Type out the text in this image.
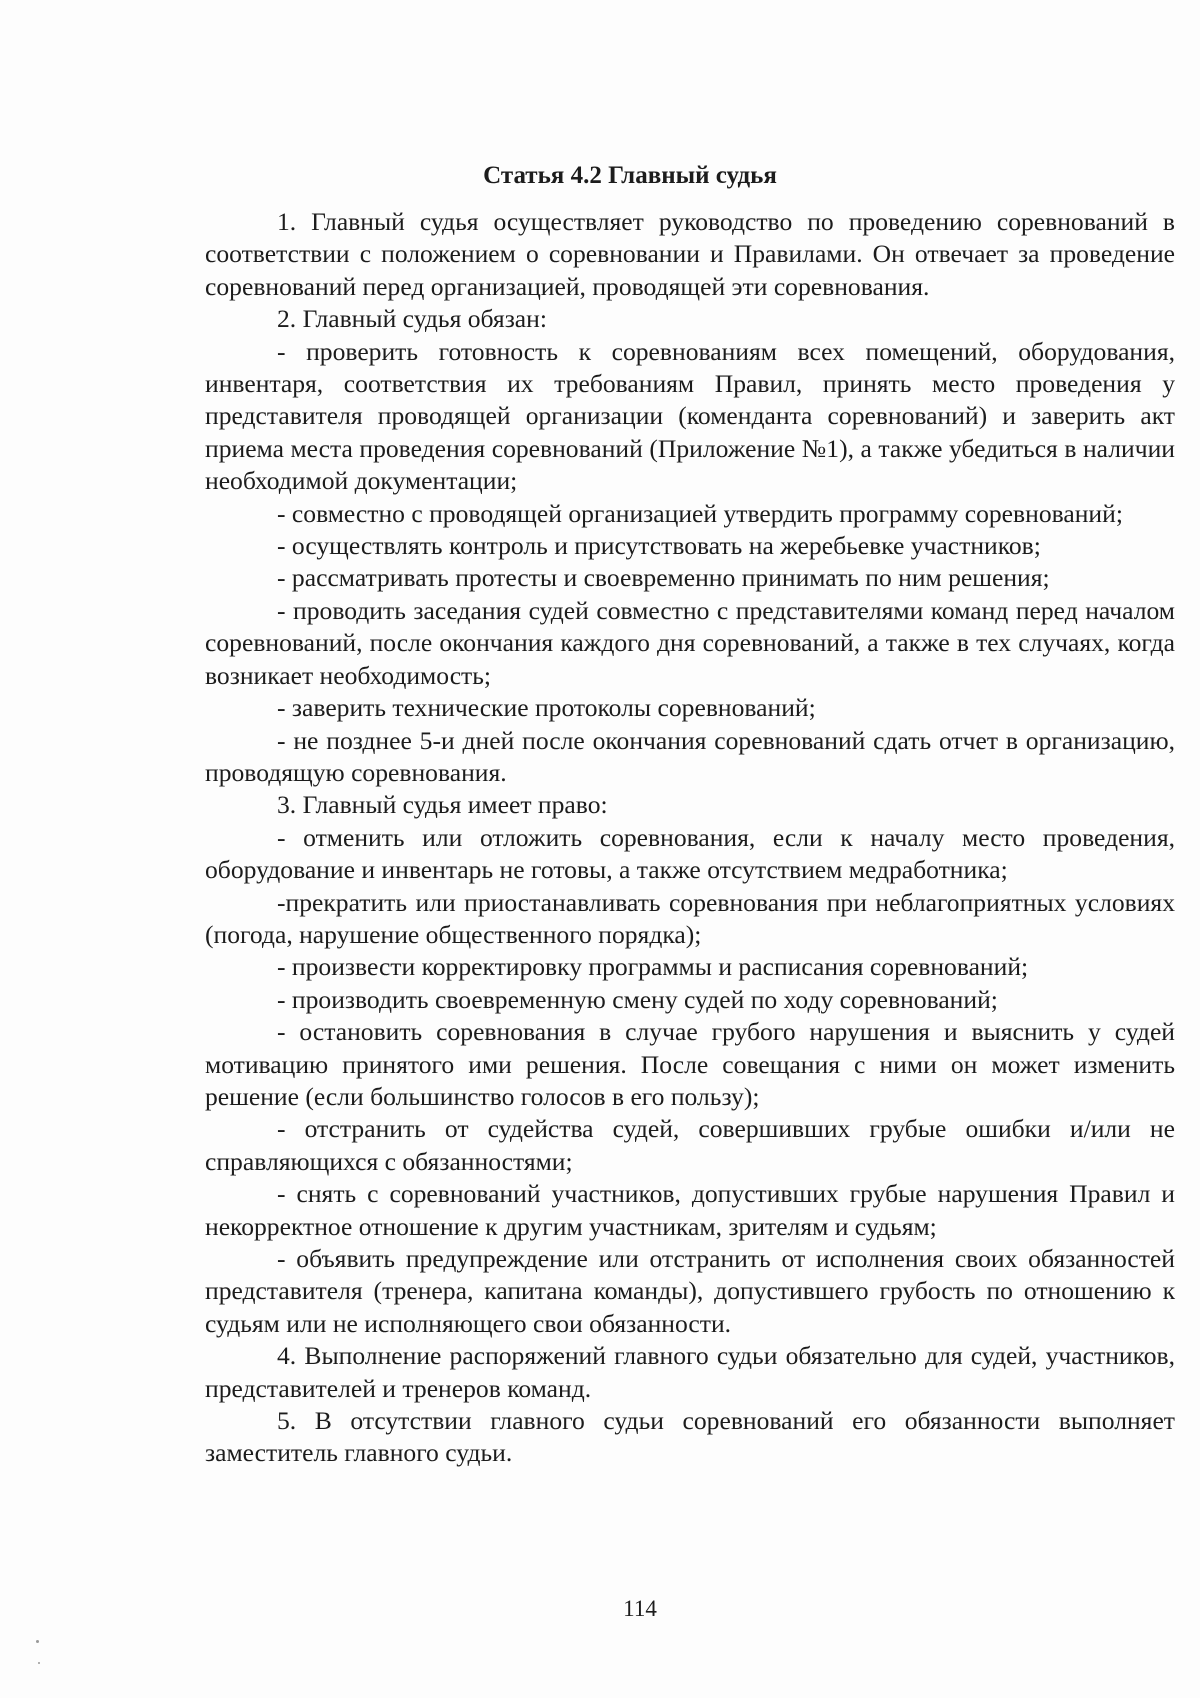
Статья 4.2 Главный судья

1. Главный судья осуществляет руководство по проведению соревнований в соответствии с положением о соревновании и Правилами. Он отвечает за проведение соревнований перед организацией, проводящей эти соревнования.

2. Главный судья обязан:

- проверить готовность к соревнованиям всех помещений, оборудования, инвентаря, соответствия их требованиям Правил, принять место проведения у представителя проводящей организации (коменданта соревнований) и заверить акт приема места проведения соревнований (Приложение №1), а также убедиться в наличии необходимой документации;

- совместно с проводящей организацией утвердить программу соревнований;

- осуществлять контроль и присутствовать на жеребьевке участников;

- рассматривать протесты и своевременно принимать по ним решения;

- проводить заседания судей совместно с представителями команд перед началом соревнований, после окончания каждого дня соревнований, а также в тех случаях, когда возникает необходимость;

- заверить технические протоколы соревнований;

- не позднее 5-и дней после окончания соревнований сдать отчет в организацию, проводящую соревнования.

3. Главный судья имеет право:

- отменить или отложить соревнования, если к началу место проведения, оборудование и инвентарь не готовы, а также отсутствием медработника;

-прекратить или приостанавливать соревнования при неблагоприятных условиях (погода, нарушение общественного порядка);

- произвести корректировку программы и расписания соревнований;

- производить своевременную смену судей по ходу соревнований;

- остановить соревнования в случае грубого нарушения и выяснить у судей мотивацию принятого ими решения. После совещания с ними он может изменить решение (если большинство голосов в его пользу);

- отстранить от судейства судей, совершивших грубые ошибки и/или не справляющихся с обязанностями;

- снять с соревнований участников, допустивших грубые нарушения Правил и некорректное отношение к другим участникам, зрителям и судьям;

- объявить предупреждение или отстранить от исполнения своих обязанностей представителя (тренера, капитана команды), допустившего грубость по отношению к судьям или не исполняющего свои обязанности.

4. Выполнение распоряжений главного судьи обязательно для судей, участников, представителей и тренеров команд.

5. В отсутствии главного судьи соревнований его обязанности выполняет заместитель главного судьи.

114
